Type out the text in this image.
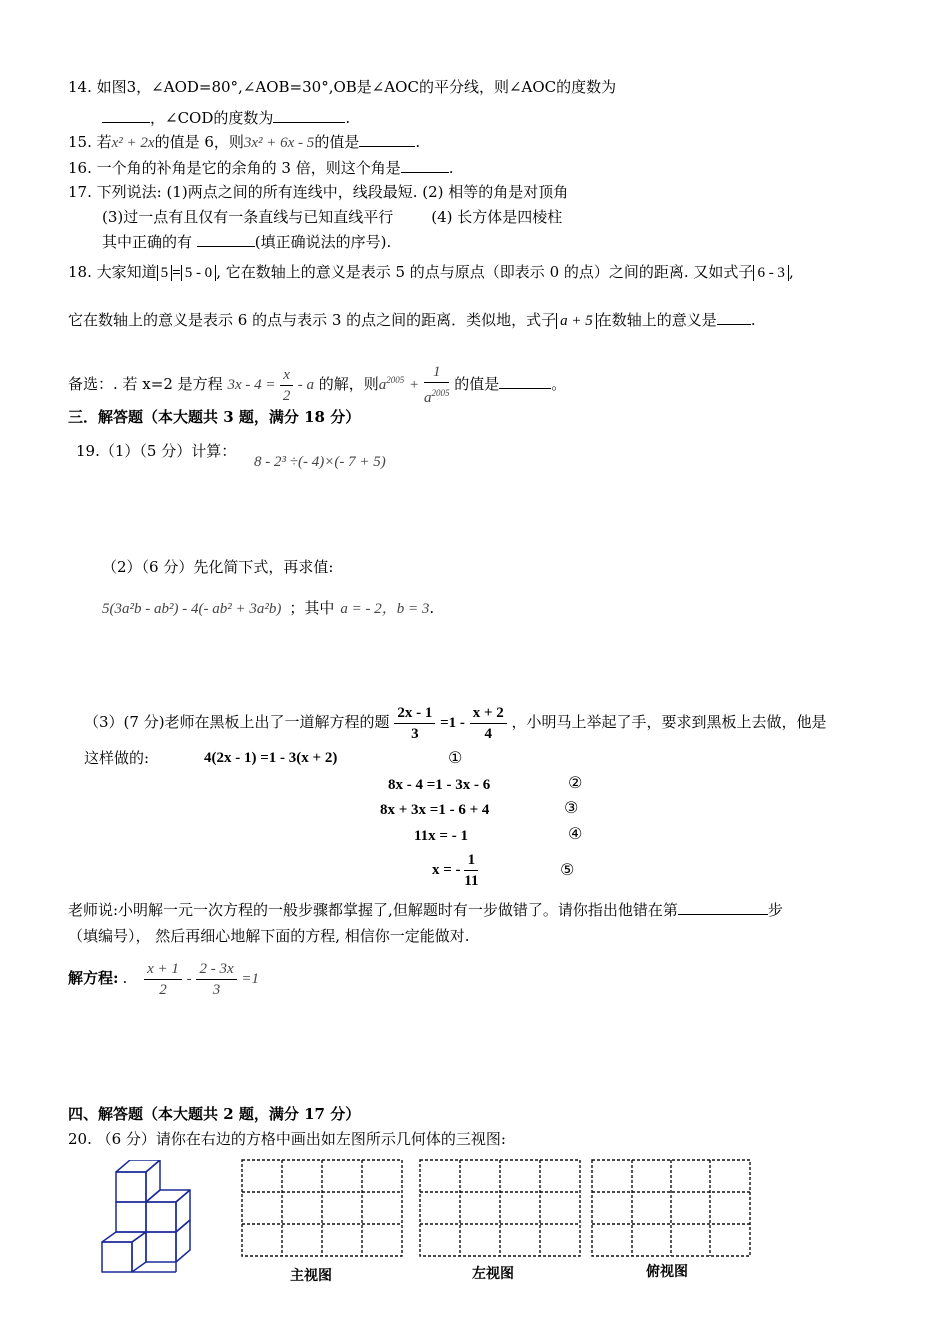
14. 如图3，∠AOD=80°,∠AOB=30°,OB是∠AOC的平分线，则∠AOC的度数为
，∠COD的度数为	.
15. 若x² + 2x的值是 6，则3x² + 6x - 5的值是	.
16. 一个角的补角是它的余角的 3 倍，则这个角是	.
17. 下列说法: (1)两点之间的所有连线中，线段最短. (2) 相等的角是对顶角
(3)过一点有且仅有一条直线与已知直线平行	(4) 长方体是四棱柱
其中正确的有	(填正确说法的序号).
18. 大家知道 5 = 5 - 0 , 它在数轴上的意义是表示 5 的点与原点（即表示 0 的点）之间的距离. 又如式子 6 - 3 ,
它在数轴上的意义是表示 6 的点与表示 3 的点之间的距离．类似地，式子 a + 5 在数轴上的意义是 .
备选：. 若 x=2 是方程 $3x - 4 = \frac{x}{2} - a$ 的解，则$a^{2005} + \frac{1}{a^{2005}}$ 的值是	。
三．解答题（本大题共 3 题，满分 18 分）
19.（1）（5 分）计算：
8 - 2³ ÷(- 4)×(- 7 + 5)
（2）（6 分）先化简下式，再求值:
5(3a²b - ab²) - 4(- ab² + 3a²b) ；其中 a = - 2，b = 3.
（3）(7 分)老师在黑板上出了一道解方程的题 $\frac{2x - 1}{3} =1 - \frac{x + 2}{4}$ ，小明马上举起了手，要求到黑板上去做，他是
这样做的:	4(2x - 1) =1 - 3(x + 2)	①
8x - 4 =1 - 3x - 6	②
8x + 3x =1 - 6 + 4	③
11x = - 1	④
x = - $\frac{1}{11}$	⑤
老师说:小明解一元一次方程的一般步骤都掌握了,但解题时有一步做错了。请你指出他错在第	步
（填编号）， 然后再细心地解下面的方程, 相信你一定能做对.
解方程: . $\frac{x + 1}{2} - \frac{2 - 3x}{3} =1$
四、解答题（本大题共 2 题，满分 17 分）
20. （6 分）请你在右边的方格中画出如左图所示几何体的三视图:
主视图	左视图	俯视图
